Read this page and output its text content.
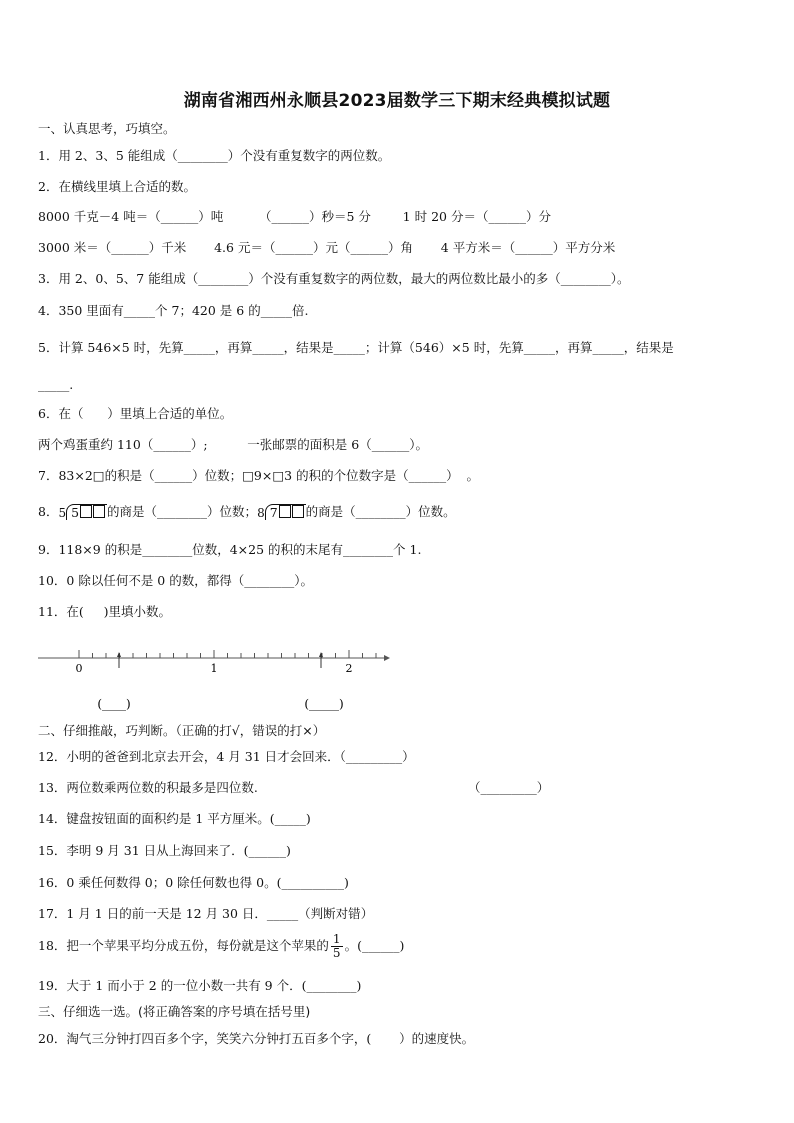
湖南省湘西州永顺县2023届数学三下期末经典模拟试题
一、认真思考，巧填空。
1．用 2、3、5 能组成（________）个没有重复数字的两位数。
2．在横线里填上合适的数。
8000 千克－4 吨＝（______）吨         （______）秒＝5 分        1 时 20 分＝（______）分
3000 米＝（______）千米       4.6 元＝（______）元（______）角       4 平方米＝（______）平方分米
3．用 2、0、5、7 能组成（________）个没有重复数字的两位数，最大的两位数比最小的多（________）。
4．350 里面有_____个 7；420 是 6 的_____倍.
5．计算 546×5 时，先算_____，再算_____，结果是_____；计算（546）×5 时，先算_____，再算_____，结果是
_____.
6．在（      ）里填上合适的单位。
两个鸡蛋重约 110（______）;          一张邮票的面积是 6（______）。
7．83×2□的积是（______）位数；□9×□3 的积的个位数字是（______）  。
8．5 5 的商是（________）位数；8 7 的商是（________）位数。
9．118×9 的积是________位数，4×25 的积的末尾有________个 1.
10．0 除以任何不是 0 的数，都得（________）。
11．在(     )里填小数。
0	1	2
(____)	(_____)
二、仔细推敲，巧判断。（正确的打√，错误的打×）
12．小明的爸爸到北京去开会，4 月 31 日才会回来．（_________）
13．两位数乘两位数的积最多是四位数.	（_________）
14．键盘按钮面的面积约是 1 平方厘米。(_____)
15．李明 9 月 31 日从上海回来了．(______)
16．0 乘任何数得 0；0 除任何数也得 0。(__________)
17．1 月 1 日的前一天是 12 月 30 日．_____（判断对错）
18．把一个苹果平均分成五份，每份就是这个苹果的 $\frac{1}{5}$ 。(______)
19．大于 1 而小于 2 的一位小数一共有 9 个．(________)
三、仔细选一选。(将正确答案的序号填在括号里)
20．淘气三分钟打四百多个字，笑笑六分钟打五百多个字，(       ）的速度快。
